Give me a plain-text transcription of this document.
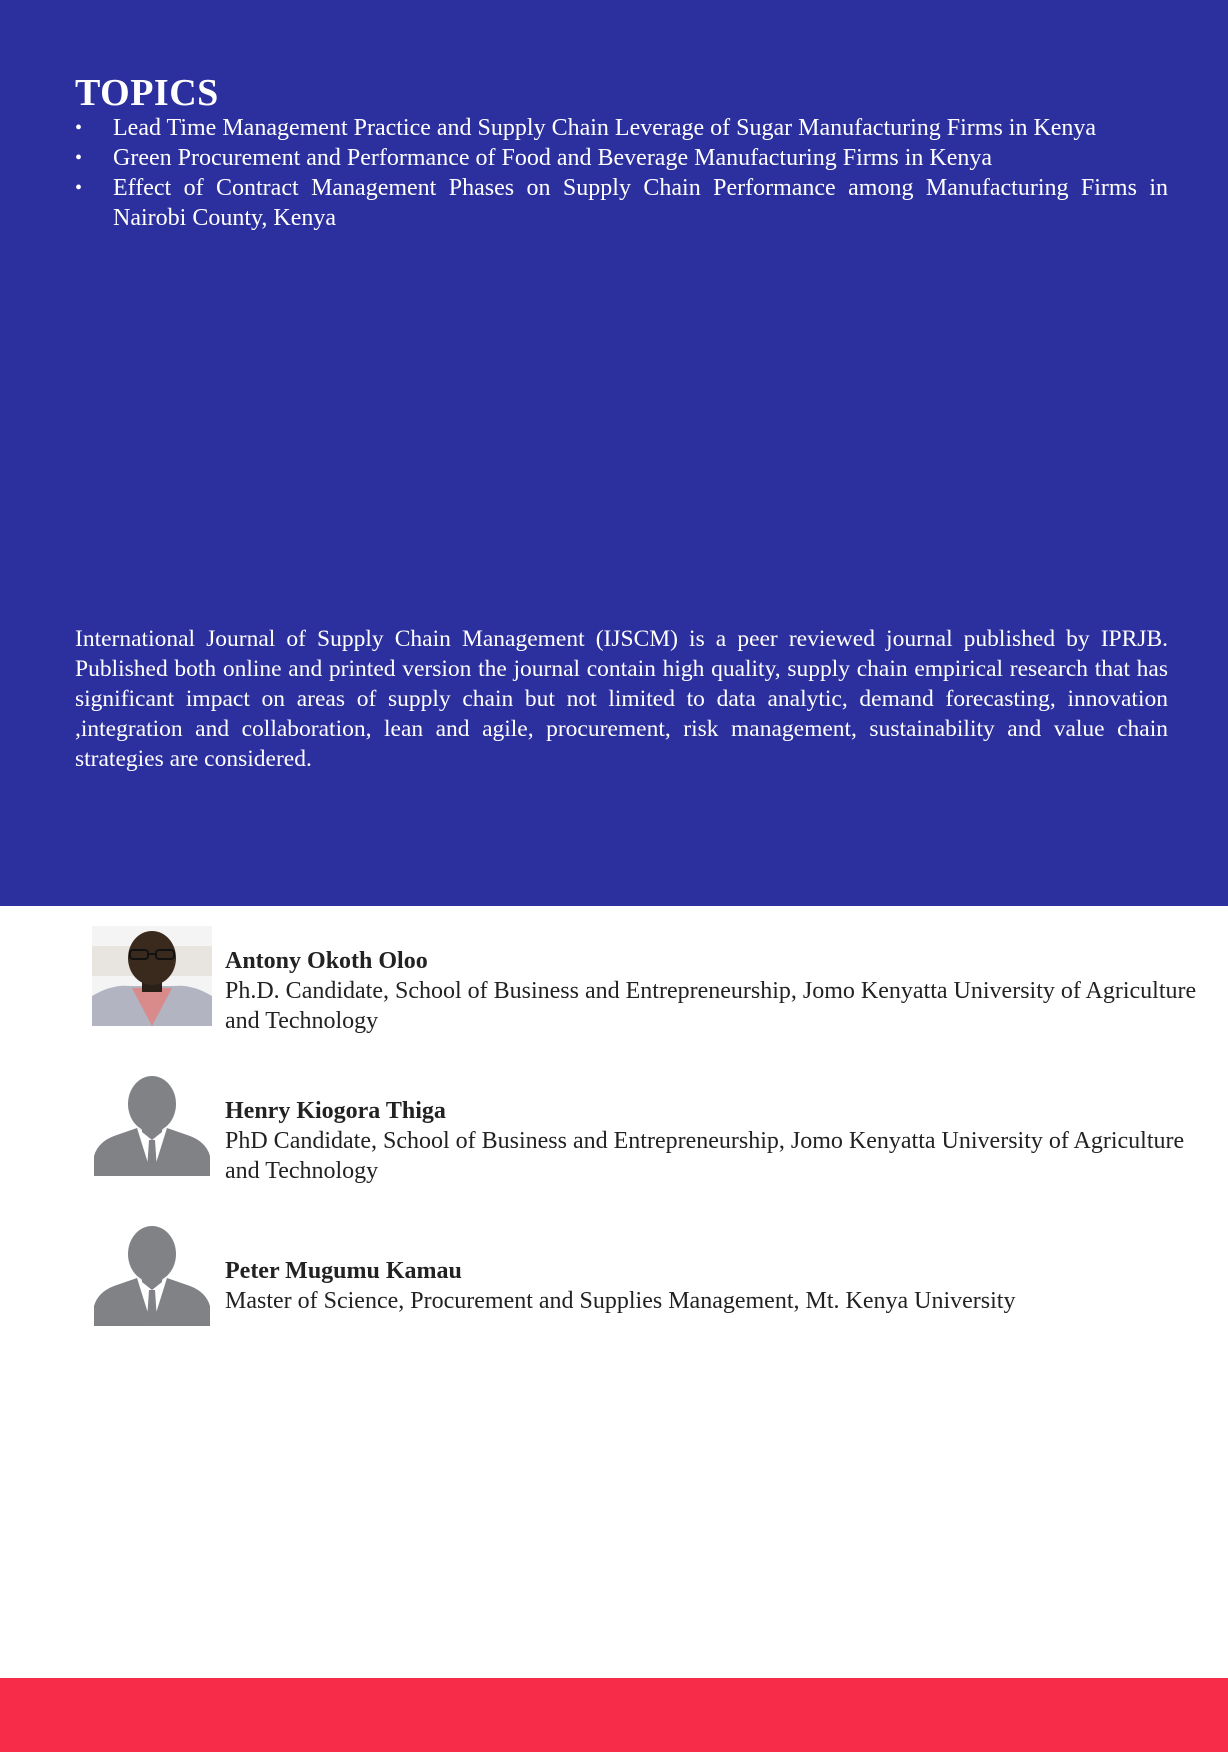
TOPICS
• Lead Time Management Practice and Supply Chain Leverage of Sugar Manufacturing Firms in Kenya
• Green Procurement and Performance of Food and Beverage Manufacturing Firms in Kenya
• Effect of Contract Management Phases on Supply Chain Performance among Manufacturing Firms in Nairobi County, Kenya

International Journal of Supply Chain Management (IJSCM) is a peer reviewed journal published by IPRJB. Published both online and printed version the journal contain high quality, supply chain empirical research that has significant impact on areas of supply chain but not limited to data analytic, demand forecasting, innovation ,integration and collaboration, lean and agile, procurement, risk management, sustainability and value chain strategies are considered.

Antony Okoth Oloo
Ph.D. Candidate, School of Business and Entrepreneurship, Jomo Kenyatta University of Agriculture and Technology
Henry Kiogora Thiga
PhD Candidate, School of Business and Entrepreneurship, Jomo Kenyatta University of Agriculture and Technology
Peter Mugumu Kamau
Master of Science, Procurement and Supplies Management, Mt. Kenya University
